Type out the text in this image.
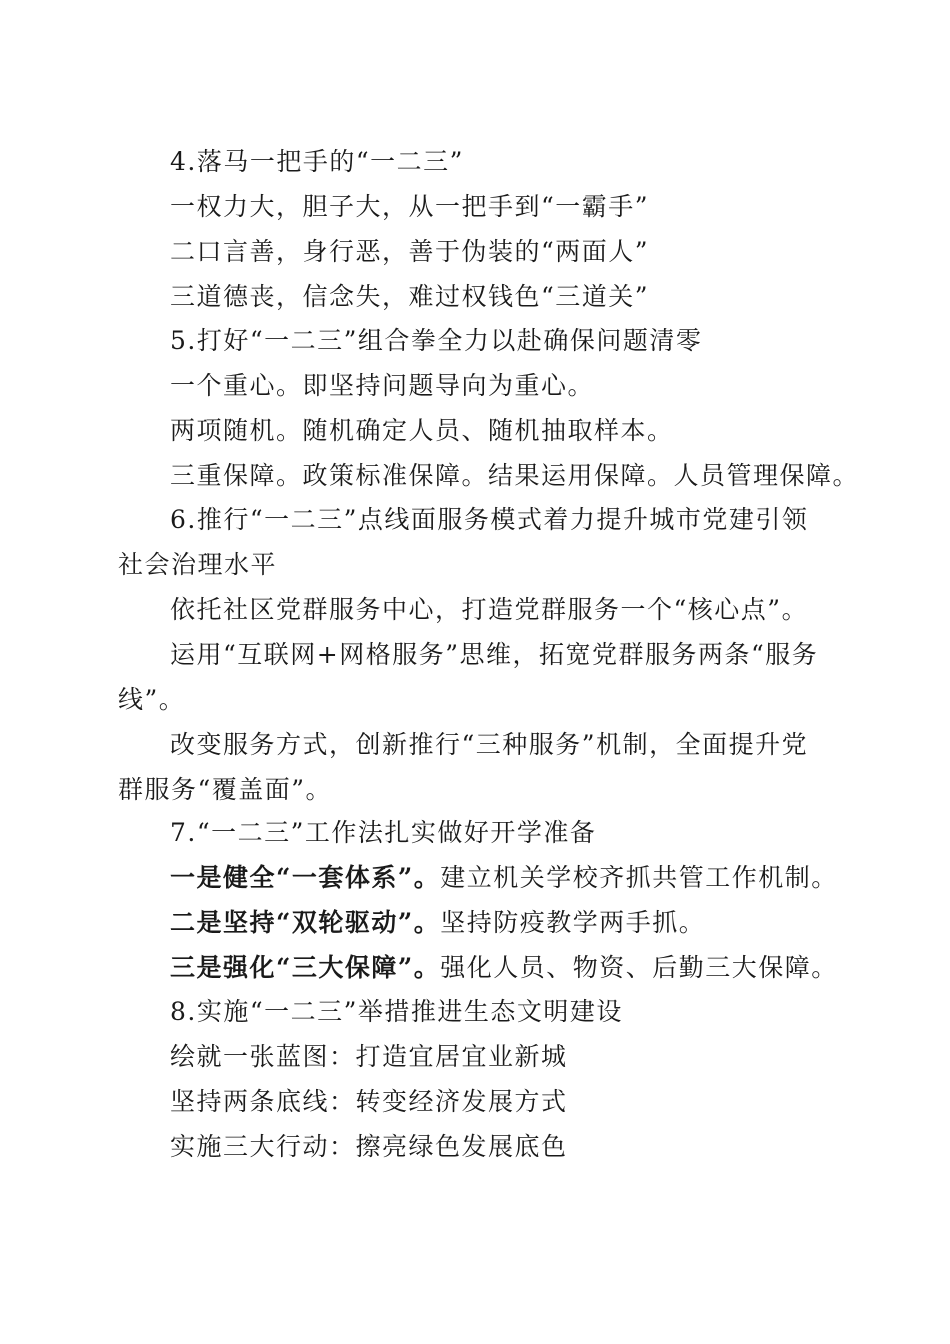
4.落马一把手的“一二三”
一权力大，胆子大，从一把手到“一霸手”
二口言善，身行恶，善于伪装的“两面人”
三道德丧，信念失，难过权钱色“三道关”
5.打好“一二三”组合拳全力以赴确保问题清零
一个重心。即坚持问题导向为重心。
两项随机。随机确定人员、随机抽取样本。
三重保障。政策标准保障。结果运用保障。人员管理保障。
6.推行“一二三”点线面服务模式着力提升城市党建引领
社会治理水平
依托社区党群服务中心，打造党群服务一个“核心点”。
运用“互联网+网格服务”思维，拓宽党群服务两条“服务
线”。
改变服务方式，创新推行“三种服务”机制，全面提升党
群服务“覆盖面”。
7.“一二三”工作法扎实做好开学准备
一是健全“一套体系”。建立机关学校齐抓共管工作机制。
二是坚持“双轮驱动”。坚持防疫教学两手抓。
三是强化“三大保障”。强化人员、物资、后勤三大保障。
8.实施“一二三”举措推进生态文明建设
绘就一张蓝图：打造宜居宜业新城
坚持两条底线：转变经济发展方式
实施三大行动：擦亮绿色发展底色
